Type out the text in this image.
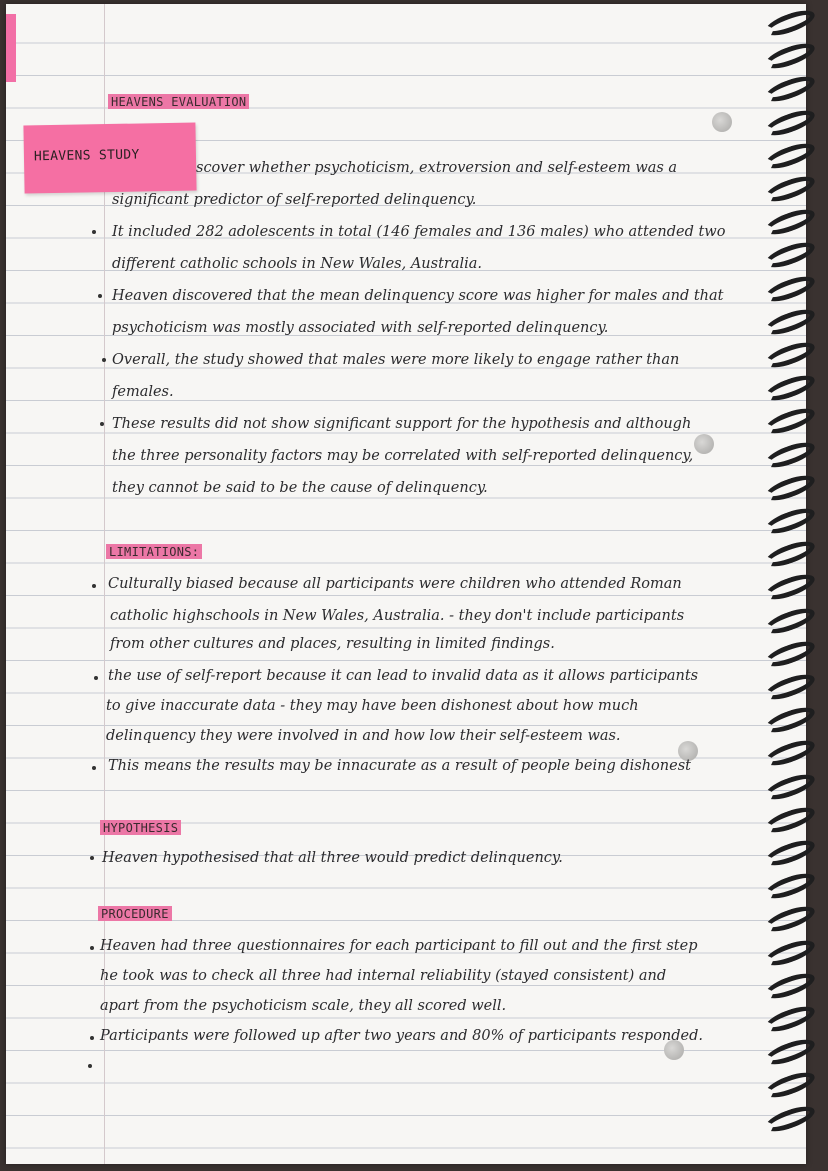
HEAVENS EVALUATION
HEAVENS STUDY
scover whether psychoticism, extroversion and self-esteem was a
significant predictor of self-reported delinquency.
It included 282 adolescents in total (146 females and 136 males) who attended two
different catholic schools in New Wales, Australia.
Heaven discovered that the mean delinquency score was higher for males and that
psychoticism was mostly associated with self-reported delinquency.
Overall, the study showed that males were more likely to engage rather than
females.
These results did not show significant support for the hypothesis and although
the three personality factors may be correlated with self-reported delinquency,
they cannot be said to be the cause of delinquency.
LIMITATIONS:
Culturally biased because all participants were children who attended Roman
catholic highschools in New Wales, Australia. - they don't include participants
from other cultures and places, resulting in limited findings.
the use of self-report because it can lead to invalid data as it allows participants
to give inaccurate data - they may have been dishonest about how much
delinquency they were involved in and how low their self-esteem was.
This means the results may be innacurate as a result of people being dishonest
HYPOTHESIS
Heaven hypothesised that all three would predict delinquency.
PROCEDURE
Heaven had three questionnaires for each participant to fill out and the first step
he took was to check all three had internal reliability (stayed consistent) and
apart from the psychoticism scale, they all scored well.
Participants were followed up after two years and 80% of participants responded.
